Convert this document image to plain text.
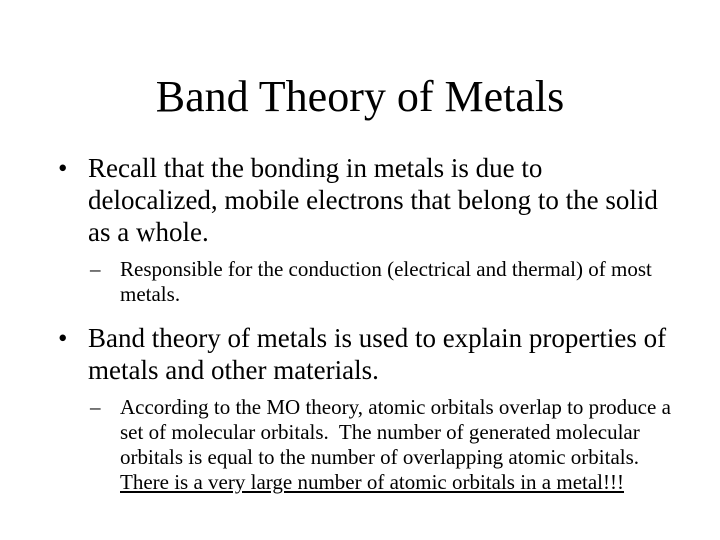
Band Theory of Metals
• Recall that the bonding in metals is due to delocalized, mobile electrons that belong to the solid as a whole.
– Responsible for the conduction (electrical and thermal) of most metals.
• Band theory of metals is used to explain properties of metals and other materials.
– According to the MO theory, atomic orbitals overlap to produce a set of molecular orbitals.  The number of generated molecular orbitals is equal to the number of overlapping atomic orbitals.  There is a very large number of atomic orbitals in a metal!!!
